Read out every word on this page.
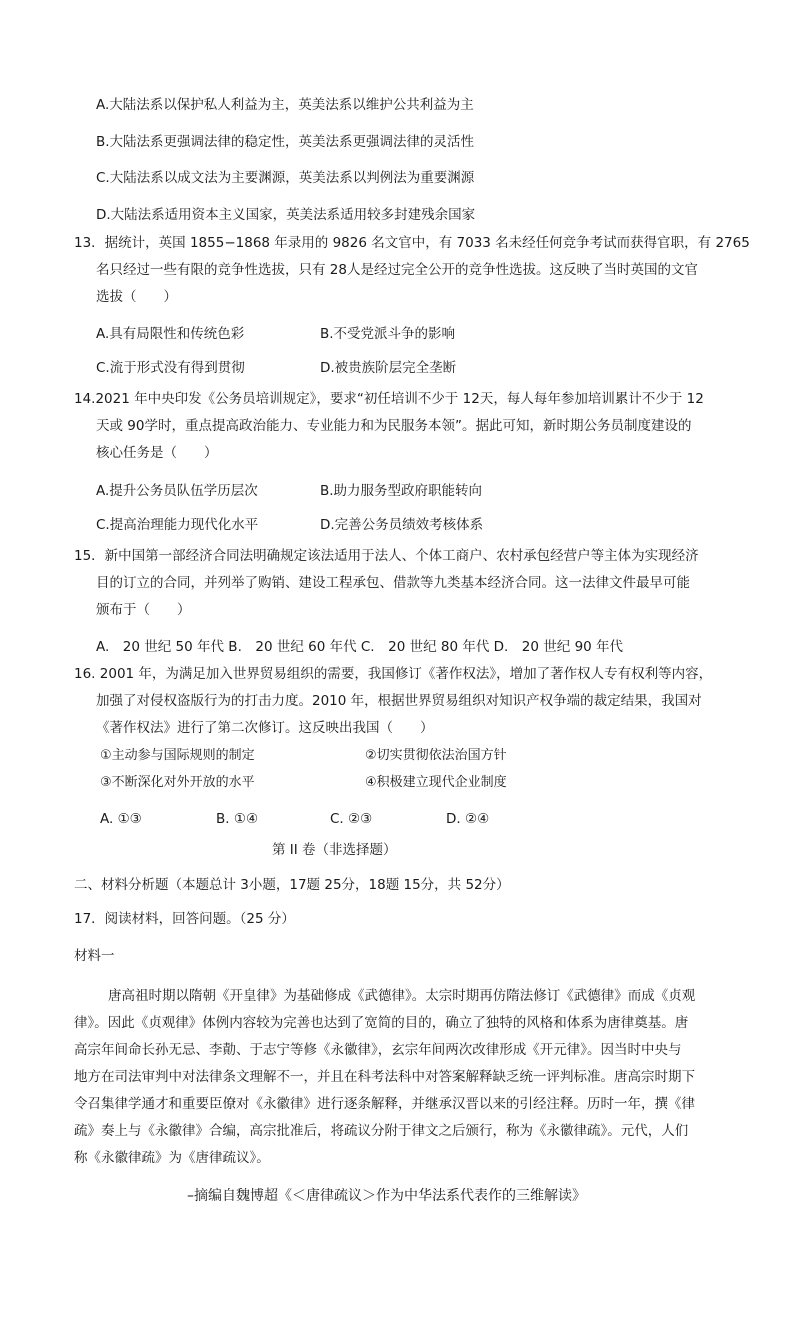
A.大陆法系以保护私人利益为主，英美法系以维护公共利益为主
B.大陆法系更强调法律的稳定性，英美法系更强调法律的灵活性
C.大陆法系以成文法为主要渊源，英美法系以判例法为重要渊源
D.大陆法系适用资本主义国家，英美法系适用较多封建残余国家
13．据统计，英国 1855−1868 年录用的 9826 名文官中，有 7033 名未经任何竞争考试而获得官职，有 2765
名只经过一些有限的竞争性选拔，只有 28人是经过完全公开的竞争性选拔。这反映了当时英国的文官
选拔（　　）
A.具有局限性和传统色彩	B.不受党派斗争的影响
C.流于形式没有得到贯彻	D.被贵族阶层完全垄断
14.2021 年中央印发《公务员培训规定》，要求“初任培训不少于 12天，每人每年参加培训累计不少于 12
天或 90学时，重点提高政治能力、专业能力和为民服务本领”。据此可知，新时期公务员制度建设的
核心任务是（　　）
A.提升公务员队伍学历层次	B.助力服务型政府职能转向
C.提高治理能力现代化水平	D.完善公务员绩效考核体系
15．新中国第一部经济合同法明确规定该法适用于法人、个体工商户、农村承包经营户等主体为实现经济
目的订立的合同，并列举了购销、建设工程承包、借款等九类基本经济合同。这一法律文件最早可能
颁布于（　　）
A.　20 世纪 50 年代 B.　20 世纪 60 年代 C.　20 世纪 80 年代 D.　20 世纪 90 年代
16. 2001 年，为满足加入世界贸易组织的需要，我国修订《著作权法》，增加了著作权人专有权利等内容，
加强了对侵权盗版行为的打击力度。2010 年，根据世界贸易组织对知识产权争端的裁定结果，我国对
《著作权法》进行了第二次修订。这反映出我国（　　）
①主动参与国际规则的制定	②切实贯彻依法治国方针
③不断深化对外开放的水平	④积极建立现代企业制度
A. ①③	B. ①④	C. ②③	D. ②④
第 II 卷（非选择题）
二、材料分析题（本题总计 3小题，17题 25分，18题 15分，共 52分）
17．阅读材料，回答问题。（25 分）
材料一
唐高祖时期以隋朝《开皇律》为基础修成《武德律》。太宗时期再仿隋法修订《武德律》而成《贞观
律》。因此《贞观律》体例内容较为完善也达到了宽简的目的，确立了独特的风格和体系为唐律奠基。唐
高宗年间命长孙无忌、李勣、于志宁等修《永徽律》，玄宗年间两次改律形成《开元律》。因当时中央与
地方在司法审判中对法律条文理解不一，并且在科考法科中对答案解释缺乏统一评判标准。唐高宗时期下
令召集律学通才和重要臣僚对《永徽律》进行逐条解释，并继承汉晋以来的引经注释。历时一年，撰《律
疏》奏上与《永徽律》合编，高宗批准后，将疏议分附于律文之后颁行，称为《永徽律疏》。元代，人们
称《永徽律疏》为《唐律疏议》。
–摘编自魏博超《＜唐律疏议＞作为中华法系代表作的三维解读》
